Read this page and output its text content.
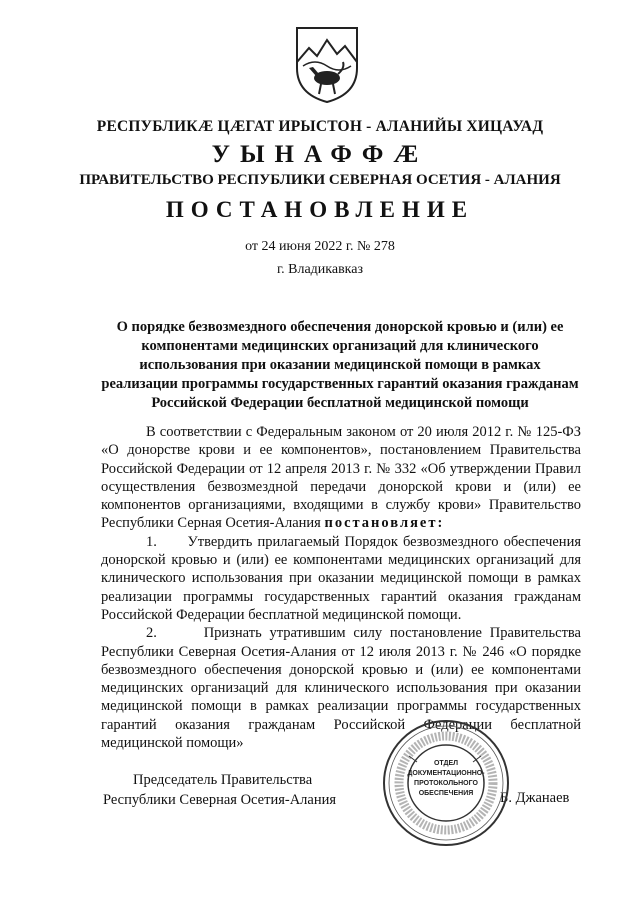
РЕСПУБЛИКӔ ЦӔГАТ ИРЫСТОН - АЛАНИЙЫ ХИЦАУАД
УЫНАФФӔ
ПРАВИТЕЛЬСТВО РЕСПУБЛИКИ СЕВЕРНАЯ ОСЕТИЯ - АЛАНИЯ
ПОСТАНОВЛЕНИЕ
от 24 июня 2022 г. № 278
г. Владикавказ
О порядке безвозмездного обеспечения донорской кровью и (или) ее компонентами медицинских организаций для клинического использования при оказании медицинской помощи в рамках реализации программы государственных гарантий оказания гражданам Российской Федерации бесплатной медицинской помощи

В соответствии с Федеральным законом от 20 июля 2012 г. № 125-ФЗ «О донорстве крови и ее компонентов», постановлением Правительства Российской Федерации от 12 апреля 2013 г. № 332 «Об утверждении Правил осуществления безвозмездной передачи донорской крови и (или) ее компонентов организациями, входящими в службу крови» Правительство Республики Серная Осетия-Алания постановляет:

1. Утвердить прилагаемый Порядок безвозмездного обеспечения донорской кровью и (или) ее компонентами медицинских организаций для клинического использования при оказании медицинской помощи в рамках реализации программы государственных гарантий оказания гражданам Российской Федерации бесплатной медицинской помощи.

2.	Признать утратившим силу постановление Правительства Республики Северная Осетия-Алания от 12 июля 2013 г. № 246 «О порядке безвозмездного обеспечения донорской кровью и (или) ее компонентами медицинских организаций для клинического использования при оказании медицинской помощи в рамках реализации программы государственных гарантий оказания гражданам Российской Федерации бесплатной медицинской помощи»

Председатель Правительства
Республики Северная Осетия-Алания	Б. Джанаев
ОТДЕЛ
ДОКУМЕНТАЦИОННО-
ПРОТОКОЛЬНОГО
ОБЕСПЕЧЕНИЯ
